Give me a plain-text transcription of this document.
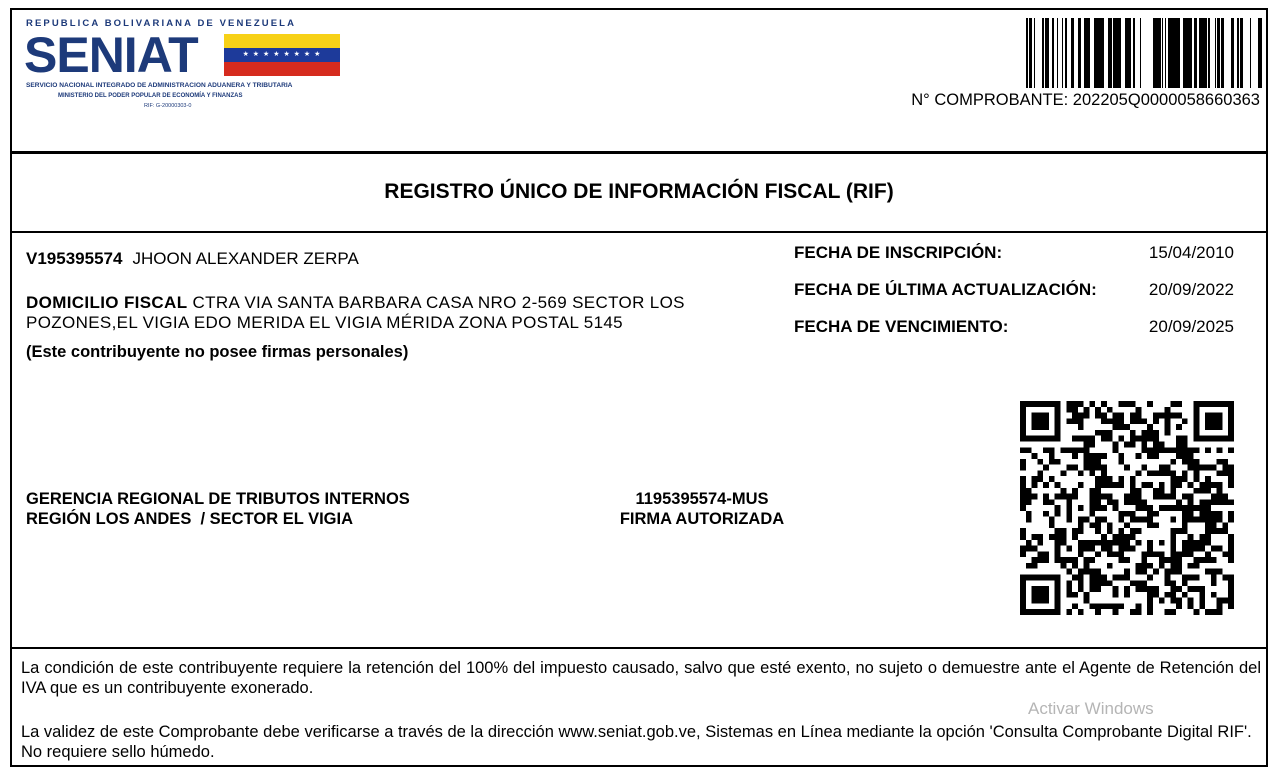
REPUBLICA BOLIVARIANA DE VENEZUELA
SENIAT	★ ★ ★ ★ ★ ★ ★ ★
SERVICIO NACIONAL INTEGRADO DE ADMINISTRACION ADUANERA Y TRIBUTARIA
MINISTERIO DEL PODER POPULAR DE ECONOMÍA Y FINANZAS
RIF: G-20000303-0	N° COMPROBANTE: 202205Q0000058660363
REGISTRO ÚNICO DE INFORMACIÓN FISCAL (RIF)
V195395574 JHOON ALEXANDER ZERPA
DOMICILIO FISCAL CTRA VIA SANTA BARBARA CASA NRO 2-569 SECTOR LOS POZONES,EL VIGIA EDO MERIDA EL VIGIA MÉRIDA ZONA POSTAL 5145
(Este contribuyente no posee firmas personales)
FECHA DE INSCRIPCIÓN:	15/04/2010
FECHA DE ÚLTIMA ACTUALIZACIÓN:	20/09/2022
FECHA DE VENCIMIENTO:	20/09/2025
GERENCIA REGIONAL DE TRIBUTOS INTERNOS
REGIÓN LOS ANDES  / SECTOR EL VIGIA
1195395574-MUS
FIRMA AUTORIZADA
La condición de este contribuyente requiere la retención del 100% del impuesto causado, salvo que esté exento, no sujeto o demuestre ante el Agente de Retención del IVA que es un contribuyente exonerado.
Activar Windows
La validez de este Comprobante debe verificarse a través de la dirección www.seniat.gob.ve, Sistemas en Línea mediante la opción 'Consulta Comprobante Digital RIF'. No requiere sello húmedo.
